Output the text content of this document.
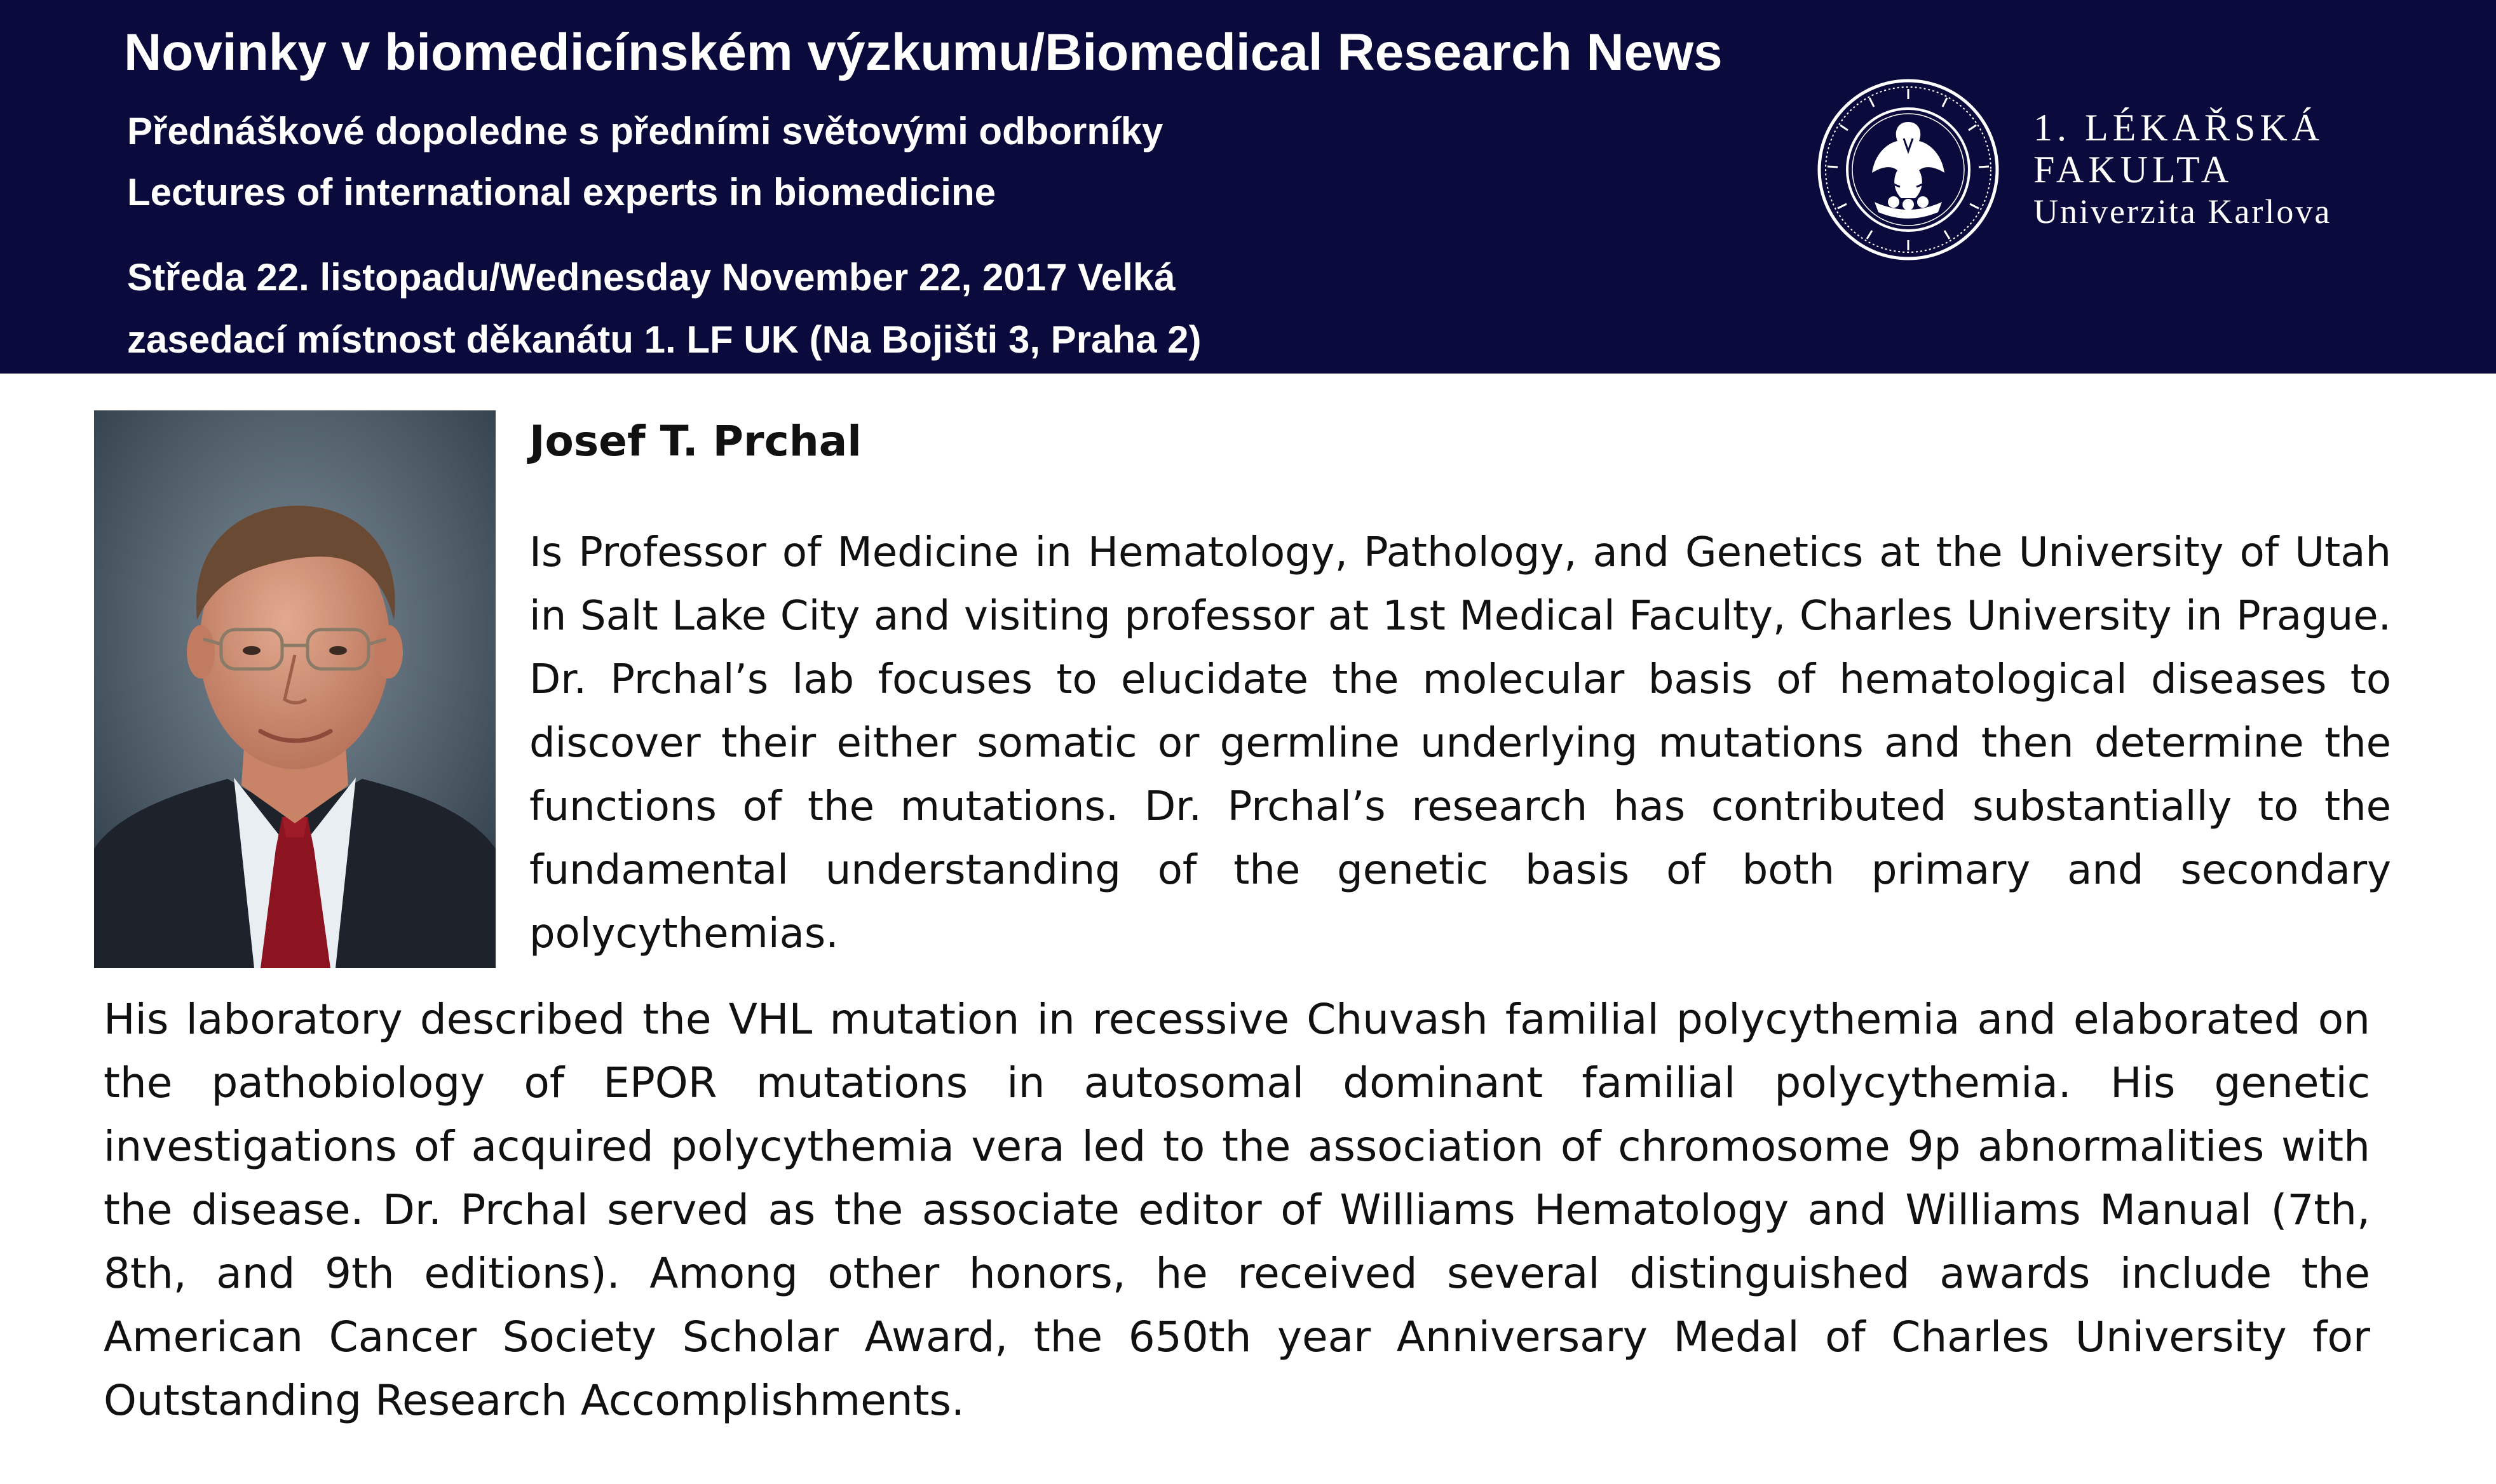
Novinky v biomedicínském výzkumu/Biomedical Research News
Přednáškové dopoledne s předními světovými odborníky
Lectures of international experts in biomedicine
Středa 22. listopadu/Wednesday November 22, 2017 Velká
zasedací místnost děkanátu 1. LF UK (Na Bojišti 3, Praha 2)
1. LÉKAŘSKÁ
FAKULTA
Univerzita Karlova
Josef T. Prchal

Is Professor of Medicine in Hematology, Pathology, and Genetics at the University of Utah in Salt Lake City and visiting professor at 1st Medical Faculty, Charles University in Prague. Dr. Prchal’s lab focuses to elucidate the molecular basis of hematological diseases to discover their either somatic or germline underlying mutations and then determine the functions of the mutations. Dr. Prchal’s research has contributed substantially to the fundamental understanding of the genetic basis of both primary and secondary polycythemias.

His laboratory described the VHL mutation in recessive Chuvash familial polycythemia and elaborated on the pathobiology of EPOR mutations in autosomal dominant familial polycythemia. His genetic investigations of acquired polycythemia vera led to the association of chromosome 9p abnormalities with the disease. Dr. Prchal served as the associate editor of Williams Hematology and Williams Manual (7th, 8th, and 9th editions). Among other honors, he received several distinguished awards include the American Cancer Society Scholar Award, the 650th year Anniversary Medal of Charles University for Outstanding Research Accomplishments.
